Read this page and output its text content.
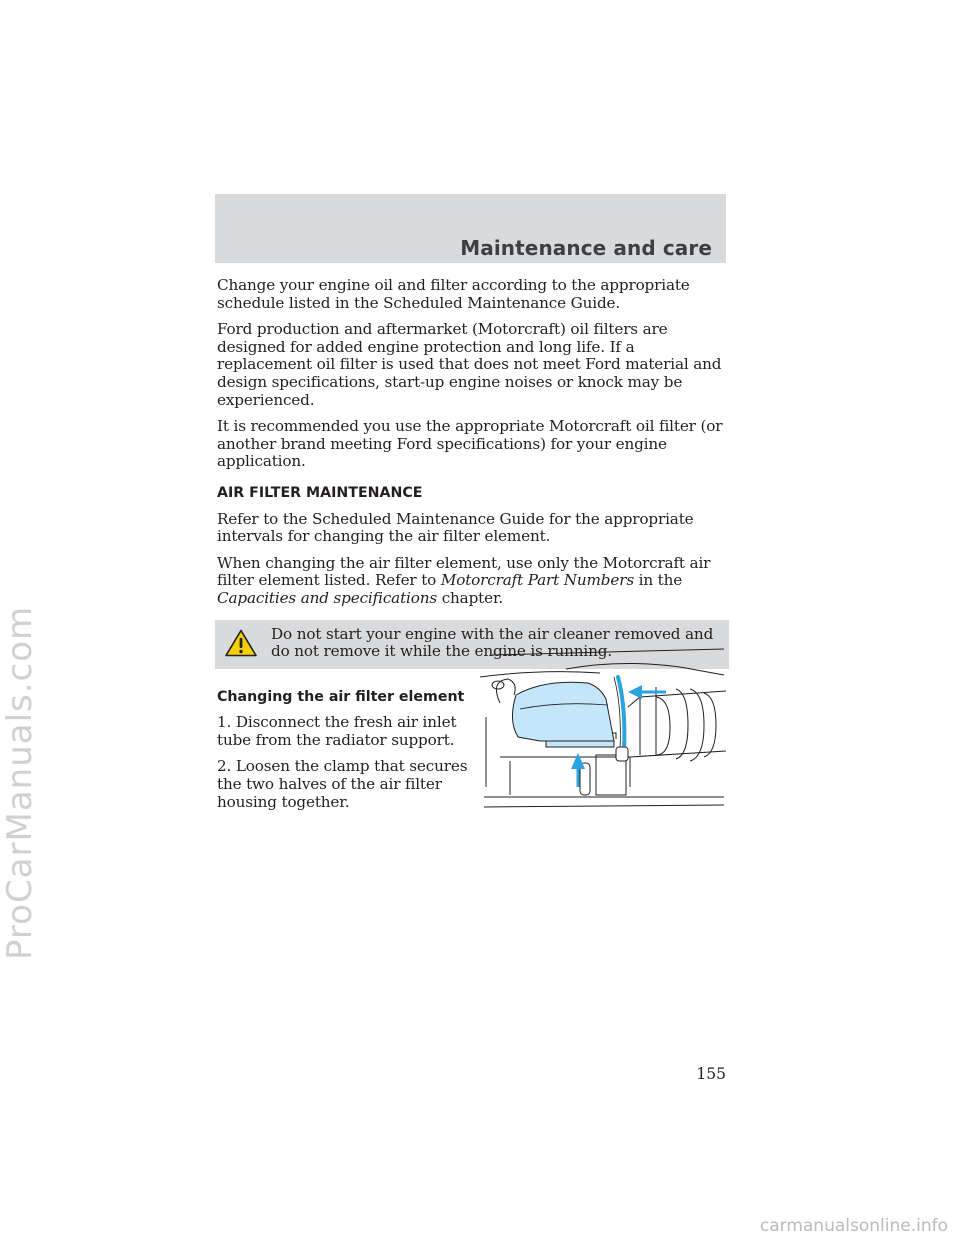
Maintenance and care

Change your engine oil and filter according to the appropriate schedule listed in the Scheduled Maintenance Guide.

Ford production and aftermarket (Motorcraft) oil filters are designed for added engine protection and long life. If a replacement oil filter is used that does not meet Ford material and design specifications, start-up engine noises or knock may be experienced.

It is recommended you use the appropriate Motorcraft oil filter (or another brand meeting Ford specifications) for your engine application.

AIR FILTER MAINTENANCE

Refer to the Scheduled Maintenance Guide for the appropriate intervals for changing the air filter element.

When changing the air filter element, use only the Motorcraft air filter element listed. Refer to Motorcraft Part Numbers in the Capacities and specifications chapter.

Do not start your engine with the air cleaner removed and do not remove it while the engine is running.
Changing the air filter element

1. Disconnect the fresh air inlet tube from the radiator support.

2. Loosen the clamp that secures the two halves of the air filter housing together.

155
ProCarManuals.com
carmanualsonline.info
